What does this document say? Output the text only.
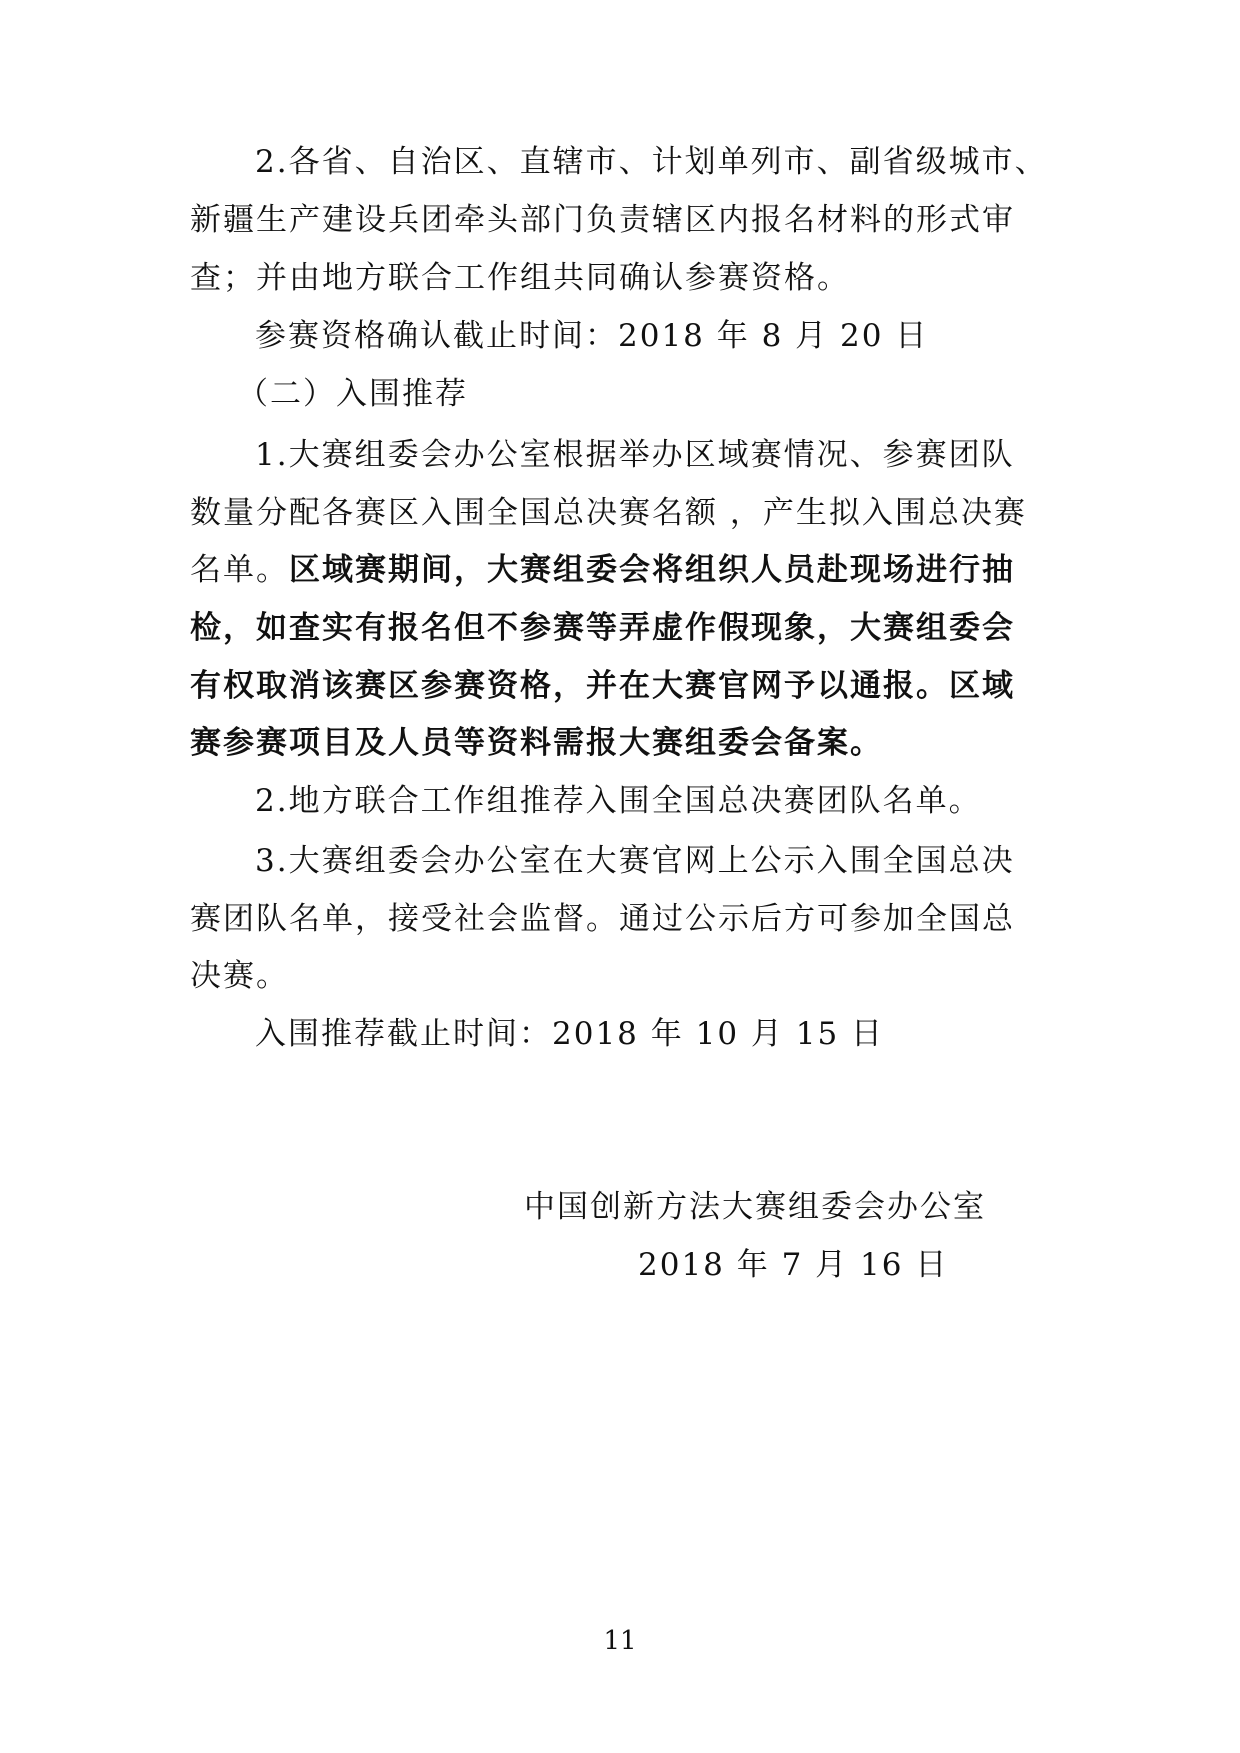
2.各省、自治区、直辖市、计划单列市、副省级城市、
新疆生产建设兵团牵头部门负责辖区内报名材料的形式审
查；并由地方联合工作组共同确认参赛资格。
参赛资格确认截止时间：2018 年 8 月 20 日
（二）入围推荐
1.大赛组委会办公室根据举办区域赛情况、参赛团队
数量分配各赛区入围全国总决赛名额 ，产生拟入围总决赛
名单。区域赛期间，大赛组委会将组织人员赴现场进行抽
检，如查实有报名但不参赛等弄虚作假现象，大赛组委会
有权取消该赛区参赛资格，并在大赛官网予以通报。区域
赛参赛项目及人员等资料需报大赛组委会备案。
2.地方联合工作组推荐入围全国总决赛团队名单。
3.大赛组委会办公室在大赛官网上公示入围全国总决
赛团队名单，接受社会监督。通过公示后方可参加全国总
决赛。
入围推荐截止时间：2018 年 10 月 15 日
中国创新方法大赛组委会办公室
2018 年 7 月 16 日
11
